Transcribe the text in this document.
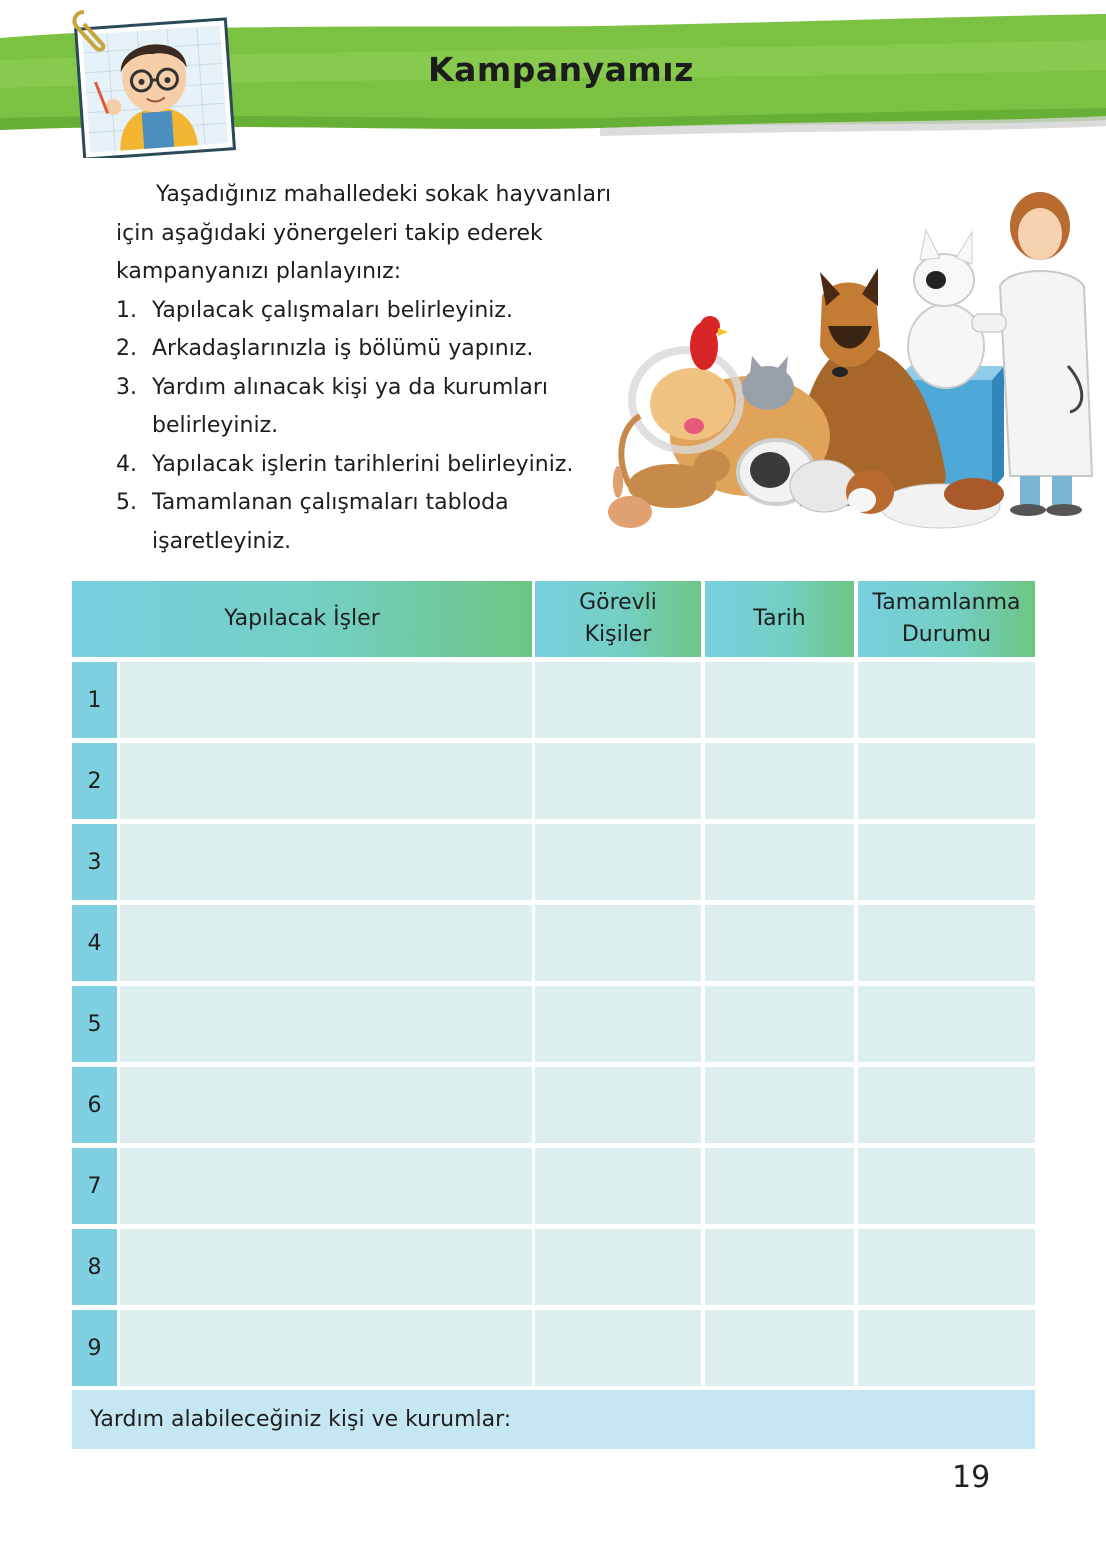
Kampanyamız
Yaşadığınız mahalledeki sokak hayvanları
için aşağıdaki yönergeleri takip ederek
kampanyanızı planlayınız:
1. Yapılacak çalışmaları belirleyiniz.
2. Arkadaşlarınızla iş bölümü yapınız.
3. Yardım alınacak kişi ya da kurumları
belirleyiniz.
4. Yapılacak işlerin tarihlerini belirleyiniz.
5. Tamamlanan çalışmaları tabloda
işaretleyiniz.
Yapılacak İşler
Görevli
Kişiler
Tarih
Tamamlanma
Durumu
1
2
3
4
5
6
7
8
9
Yardım alabileceğiniz kişi ve kurumlar:
19
